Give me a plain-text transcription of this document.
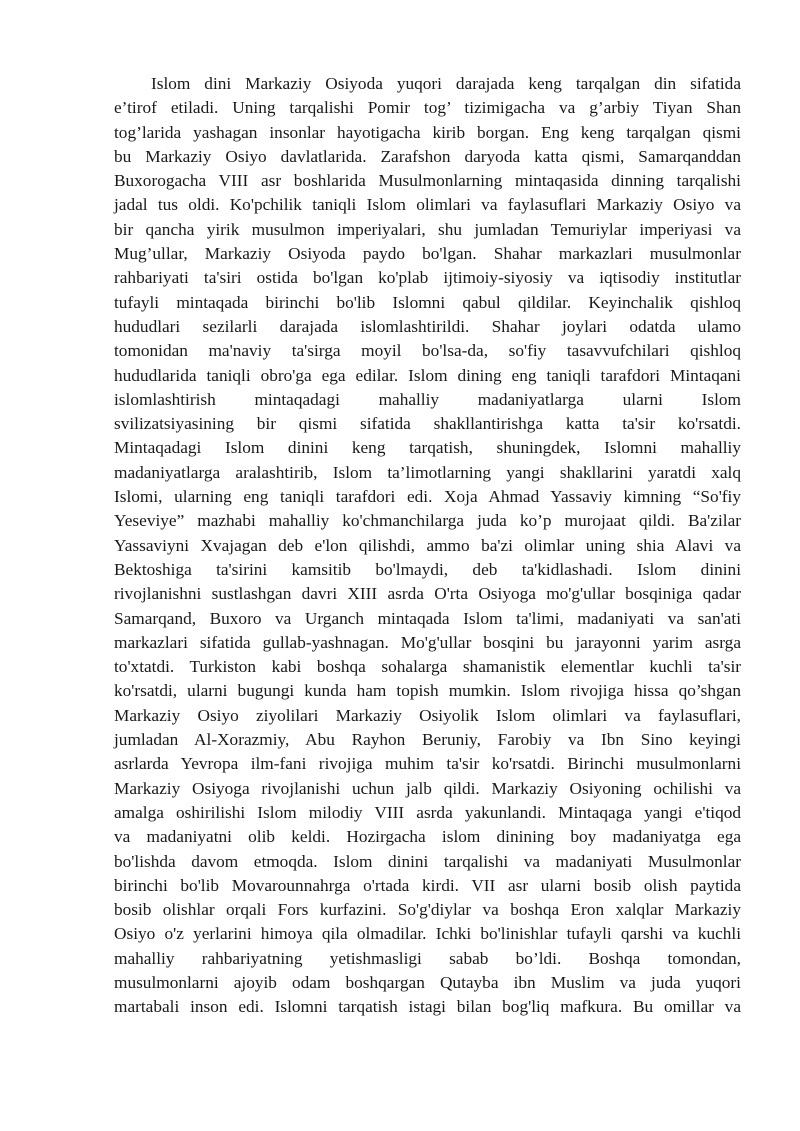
Islom dini Markaziy Osiyoda yuqori darajada keng tarqalgan din sifatida
e’tirof etiladi. Uning tarqalishi Pomir tog’ tizimigacha va g’arbiy Tiyan Shan
tog’larida yashagan insonlar hayotigacha kirib borgan. Eng keng tarqalgan qismi
bu Markaziy Osiyo davlatlarida. Zarafshon daryoda katta qismi, Samarqanddan
Buxorogacha VIII asr boshlarida Musulmonlarning mintaqasida dinning tarqalishi
jadal tus oldi. Ko'pchilik taniqli Islom olimlari va faylasuflari Markaziy Osiyo va
bir qancha yirik musulmon imperiyalari, shu jumladan Temuriylar imperiyasi va
Mug’ullar, Markaziy Osiyoda paydo bo'lgan. Shahar markazlari musulmonlar
rahbariyati ta'siri ostida bo'lgan ko'plab ijtimoiy-siyosiy va iqtisodiy institutlar
tufayli mintaqada birinchi bo'lib Islomni qabul qildilar. Keyinchalik qishloq
hududlari sezilarli darajada islomlashtirildi. Shahar joylari odatda ulamo
tomonidan ma'naviy ta'sirga moyil bo'lsa-da, so'fiy tasavvufchilari qishloq
hududlarida taniqli obro'ga ega edilar. Islom dining eng taniqli tarafdori Mintaqani
islomlashtirish mintaqadagi mahalliy madaniyatlarga ularni Islom
svilizatsiyasining bir qismi sifatida shakllantirishga katta ta'sir ko'rsatdi.
Mintaqadagi Islom dinini keng tarqatish, shuningdek, Islomni mahalliy
madaniyatlarga aralashtirib, Islom ta’limotlarning yangi shakllarini yaratdi xalq
Islomi, ularning eng taniqli tarafdori edi. Xoja Ahmad Yassaviy kimning “So'fiy
Yeseviye” mazhabi mahalliy ko'chmanchilarga juda ko’p murojaat qildi. Ba'zilar
Yassaviyni Xvajagan deb e'lon qilishdi, ammo ba'zi olimlar uning shia Alavi va
Bektoshiga ta'sirini kamsitib bo'lmaydi, deb ta'kidlashadi. Islom dinini
rivojlanishni sustlashgan davri XIII asrda O'rta Osiyoga mo'g'ullar bosqiniga qadar
Samarqand, Buxoro va Urganch mintaqada Islom ta'limi, madaniyati va san'ati
markazlari sifatida gullab-yashnagan. Mo'g'ullar bosqini bu jarayonni yarim asrga
to'xtatdi. Turkiston kabi boshqa sohalarga shamanistik elementlar kuchli ta'sir
ko'rsatdi, ularni bugungi kunda ham topish mumkin. Islom rivojiga hissa qo’shgan
Markaziy Osiyo ziyolilari Markaziy Osiyolik Islom olimlari va faylasuflari,
jumladan Al-Xorazmiy, Abu Rayhon Beruniy, Farobiy va Ibn Sino keyingi
asrlarda Yevropa ilm-fani rivojiga muhim ta'sir ko'rsatdi. Birinchi musulmonlarni
Markaziy Osiyoga rivojlanishi uchun jalb qildi. Markaziy Osiyoning ochilishi va
amalga oshirilishi Islom milodiy VIII asrda yakunlandi. Mintaqaga yangi e'tiqod
va madaniyatni olib keldi. Hozirgacha islom dinining boy madaniyatga ega
bo'lishda davom etmoqda. Islom dinini tarqalishi va madaniyati Musulmonlar
birinchi bo'lib Movarounnahrga o'rtada kirdi. VII asr ularni bosib olish paytida
bosib olishlar orqali Fors kurfazini. So'g'diylar va boshqa Eron xalqlar Markaziy
Osiyo o'z yerlarini himoya qila olmadilar. Ichki bo'linishlar tufayli qarshi va kuchli
mahalliy rahbariyatning yetishmasligi sabab bo’ldi. Boshqa tomondan,
musulmonlarni ajoyib odam boshqargan Qutayba ibn Muslim va juda yuqori
martabali inson edi. Islomni tarqatish istagi bilan bog'liq mafkura. Bu omillar va
